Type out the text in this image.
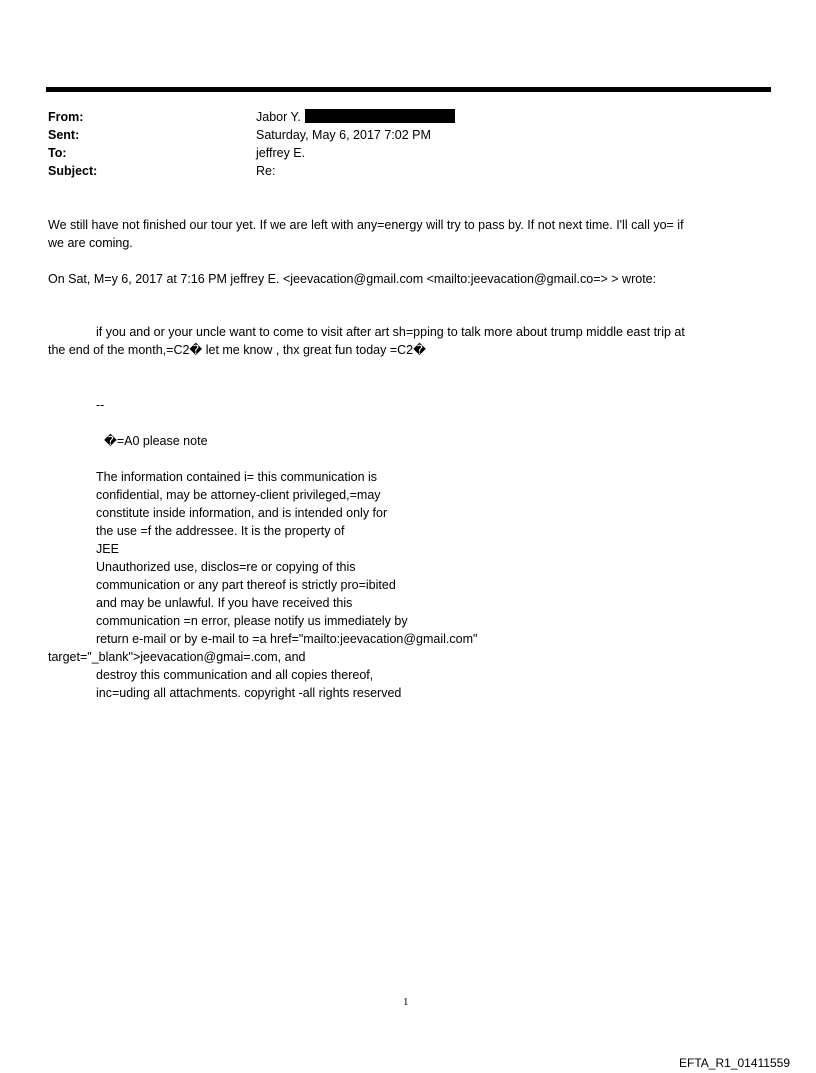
From:	Jabor Y.
Sent:	Saturday, May 6, 2017 7:02 PM
To:	jeffrey E.
Subject:	Re:
We still have not finished our tour yet. If we are left with any=energy will try to pass by. If not next time. I'll call yo= if
we are coming.
On Sat, M=y 6, 2017 at 7:16 PM jeffrey E. <jeevacation@gmail.com <mailto:jeevacation@gmail.co=> > wrote:
if you and or your uncle want to come to visit after art sh=pping to talk more about trump middle east trip at
the end of the month,=C2� let me know , thx great fun today =C2�
--
�=A0 please note
The information contained i= this communication is
confidential, may be attorney-client privileged,=may
constitute inside information, and is intended only for
the use =f the addressee. It is the property of
JEE
Unauthorized use, disclos=re or copying of this
communication or any part thereof is strictly pro=ibited
and may be unlawful. If you have received this
communication =n error, please notify us immediately by
return e-mail or by e-mail to =a href="mailto:jeevacation@gmail.com"
target="_blank">jeevacation@gmai=.com, and
destroy this communication and all copies thereof,
inc=uding all attachments. copyright -all rights reserved
1
EFTA_R1_01411559
